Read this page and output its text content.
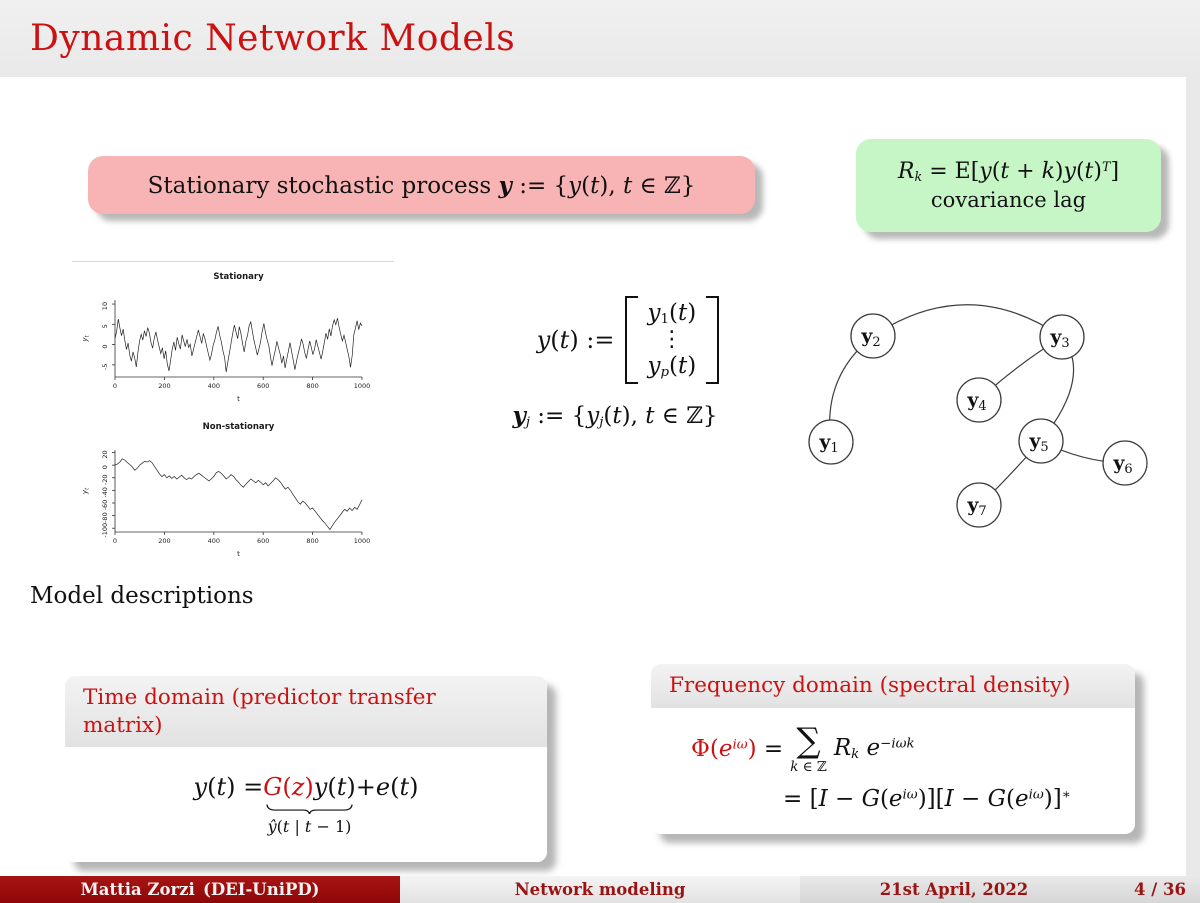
Dynamic Network Models
Stationary stochastic process y := {y(t), t ∈ ℤ}
$Rk = E[y(t + k)y(t)^T]$
covariance lag
Stationary
0	200	400	600	800	1000
-5
0
5
10
t
$y_t$
Non-stationary
0	200	400	600	800	1000
20
0
-20
-40
-60
-80
-100
t
$y_t$
y(t) :=
y1(t)
⋮
yp(t)
yj := {yj(t), t ∈ ℤ}
$y_1$
$y_2$	$y_3$
$y_4$
$y_5$
$y_6$
$y_7$
Model descriptions
Time domain (predictor transfer matrix)
y(t) = G(z)y(t)
ŷ(t | t − 1)
+e(t)
Frequency domain (spectral density)
$\Phi(e^{i\omega})$ = ∑
k ∈ ℤ
Rk $e^{-i\omega k}$
= $[I - G(e^{i\omega})][I - G(e^{i\omega})]^∗$
Mattia Zorzi (DEI-UniPD)	Network modeling	21st April, 2022	4 / 36
